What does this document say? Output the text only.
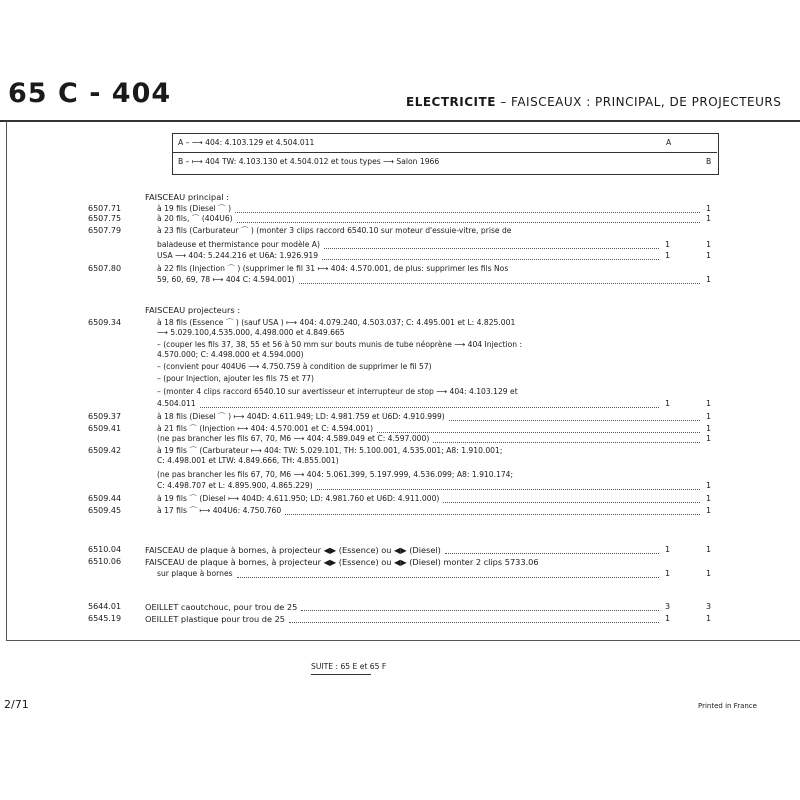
65 C - 404	ELECTRICITE – FAISCEAUX : PRINCIPAL, DE PROJECTEURS
A – ⟶ 404: 4.103.129 et 4.504.011	A
B – ⟼ 404 TW: 4.103.130 et 4.504.012 et tous types ⟶ Salon 1966	B
FAISCEAU principal :
FAISCEAU projecteurs :
6507.71	à 19 fils (Diesel ⌒ )	1
6507.75	à 20 fils, ⌒ (404U6)	1
6507.79	à 23 fils (Carburateur ⌒ ) (monter 3 clips raccord 6540.10 sur moteur d'essuie-vitre, prise de
baladeuse et thermistance pour modèle A)	1	1
USA ⟶ 404: 5.244.216 et U6A: 1.926.919	1	1
6507.80	à 22 fils (Injection ⌒ ) (supprimer le fil 31 ⟼ 404: 4.570.001, de plus: supprimer les fils Nos
59, 60, 69, 78 ⟼ 404 C: 4.594.001)	1
6509.34	à 18 fils (Essence ⌒ ) (sauf USA ) ⟼ 404: 4.079.240, 4.503.037; C: 4.495.001 et L: 4.825.001
⟶ 5.029.100,4.535.000, 4.498.000 et 4.849.665
– (couper les fils 37, 38, 55 et 56 à 50 mm sur bouts munis de tube néoprène ⟶ 404 Injection :
4.570.000; C: 4.498.000 et 4.594.000)
– (convient pour 404U6 ⟶ 4.750.759 à condition de supprimer le fil 57)
– (pour Injection, ajouter les fils 75 et 77)
– (monter 4 clips raccord 6540.10 sur avertisseur et interrupteur de stop ⟶ 404: 4.103.129 et
4.504.011	1	1
6509.37	à 18 fils (Diesel ⌒ ) ⟼ 404D: 4.611.949; LD: 4.981.759 et U6D: 4.910.999)	1
6509.41	à 21 fils ⌒ (Injection ⟼ 404: 4.570.001 et C: 4.594.001)	1
(ne pas brancher les fils 67, 70, M6 ⟶ 404: 4.589.049 et C: 4.597.000)	1
6509.42	à 19 fils ⌒ (Carburateur ⟼ 404: TW: 5.029.101, TH: 5.100.001, 4.535.001; A8: 1.910.001;
C: 4.498.001 et LTW: 4.849.666, TH: 4.855.001)
(ne pas brancher les fils 67, 70, M6 ⟶ 404: 5.061.399, 5.197.999, 4.536.099; A8: 1.910.174;
C: 4.498.707 et L: 4.895.900, 4.865.229)	1
6509.44	à 19 fils ⌒ (Diesel ⟼ 404D: 4.611.950; LD: 4.981.760 et U6D: 4.911.000)	1
6509.45	à 17 fils ⌒ ⟼ 404U6: 4.750.760	1
6510.04	FAISCEAU de plaque à bornes, à projecteur ◀▶ (Essence) ou ◀▶ (Diesel)	1	1
6510.06	FAISCEAU de plaque à bornes, à projecteur ◀▶ (Essence) ou ◀▶ (Diesel) monter 2 clips 5733.06
sur plaque à bornes	1	1
5644.01	OEILLET caoutchouc, pour trou de 25	3	3
6545.19	OEILLET plastique pour trou de 25	1	1
SUITE : 65 E et 65 F
2/71	Printed in France
